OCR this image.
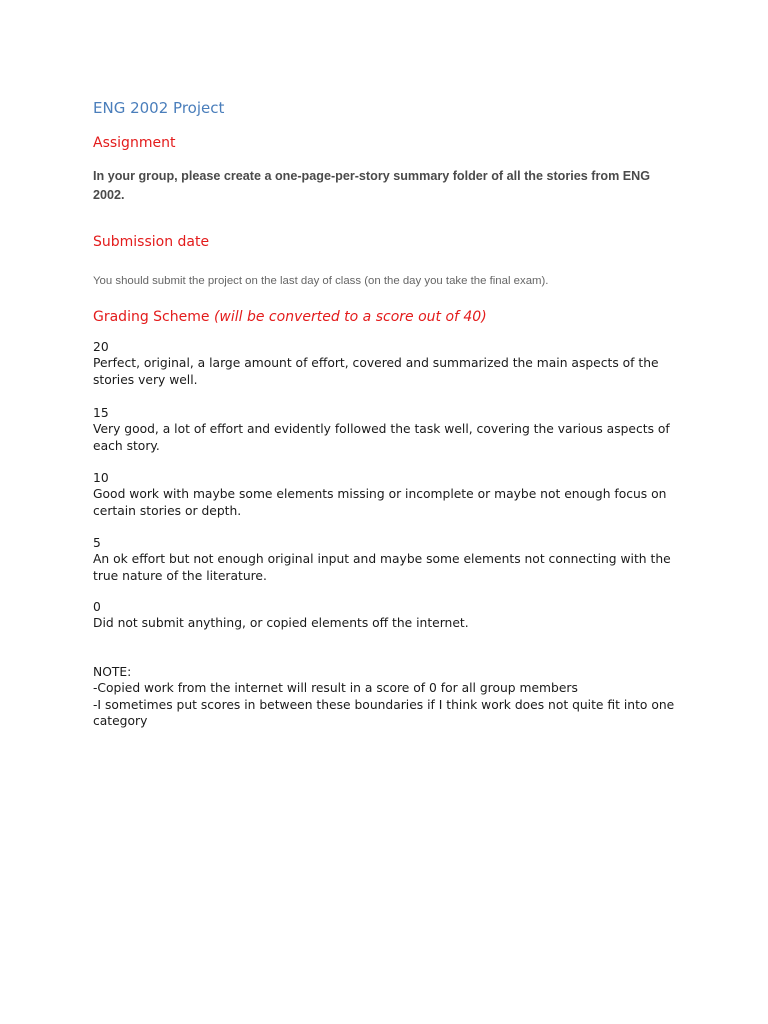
ENG 2002 Project
Assignment
In your group, please create a one-page-per-story summary folder of all the stories from ENG 2002.
Submission date
You should submit the project on the last day of class (on the day you take the final exam).
Grading Scheme (will be converted to a score out of 40)
20
Perfect, original, a large amount of effort, covered and summarized the main aspects of the stories very well.
15
Very good, a lot of effort and evidently followed the task well, covering the various aspects of each story.
10
Good work with maybe some elements missing or incomplete or maybe not enough focus on certain stories or depth.
5
An ok effort but not enough original input and maybe some elements not connecting with the true nature of the literature.
0
Did not submit anything, or copied elements off the internet.
NOTE:
-Copied work from the internet will result in a score of 0 for all group members
-I sometimes put scores in between these boundaries if I think work does not quite fit into one category
